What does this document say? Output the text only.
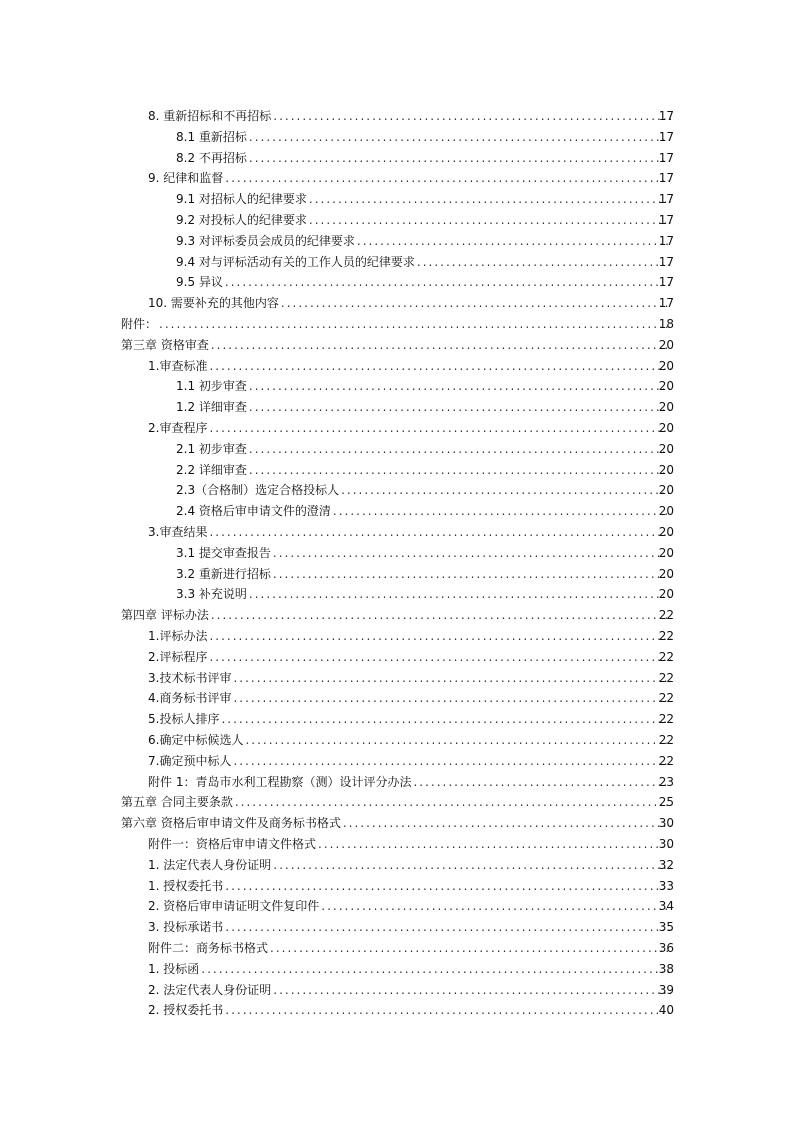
8. 重新招标和不再招标 .....	17
8.1 重新招标 .....	17
8.2 不再招标 .....	17
9. 纪律和监督 .....	17
9.1 对招标人的纪律要求 .....	17
9.2 对投标人的纪律要求 .....	17
9.3 对评标委员会成员的纪律要求 .....	17
9.4 对与评标活动有关的工作人员的纪律要求 .....	17
9.5 异议 .....	17
10. 需要补充的其他内容 .....	17
附件： .....	18
第三章 资格审查 .....	20
1.审查标准 .....	20
1.1 初步审查 .....	20
1.2 详细审查 .....	20
2.审查程序 .....	20
2.1 初步审查 .....	20
2.2 详细审查 .....	20
2.3（合格制）选定合格投标人 .....	20
2.4 资格后审申请文件的澄清 .....	20
3.审查结果 .....	20
3.1 提交审查报告 .....	20
3.2 重新进行招标 .....	20
3.3 补充说明 .....	20
第四章 评标办法 .....	22
1.评标办法 .....	22
2.评标程序 .....	22
3.技术标书评审 .....	22
4.商务标书评审 .....	22
5.投标人排序 .....	22
6.确定中标候选人 .....	22
7.确定预中标人 .....	22
附件 1：青岛市水利工程勘察（测）设计评分办法 .....	23
第五章 合同主要条款 .....	25
第六章 资格后审申请文件及商务标书格式 .....	30
附件一：资格后审申请文件格式 .....	30
1. 法定代表人身份证明 .....	32
1. 授权委托书 .....	33
2. 资格后审申请证明文件复印件 .....	34
3. 投标承诺书 .....	35
附件二：商务标书格式 .....	36
1. 投标函 .....	38
2. 法定代表人身份证明 .....	39
2. 授权委托书 .....	40
